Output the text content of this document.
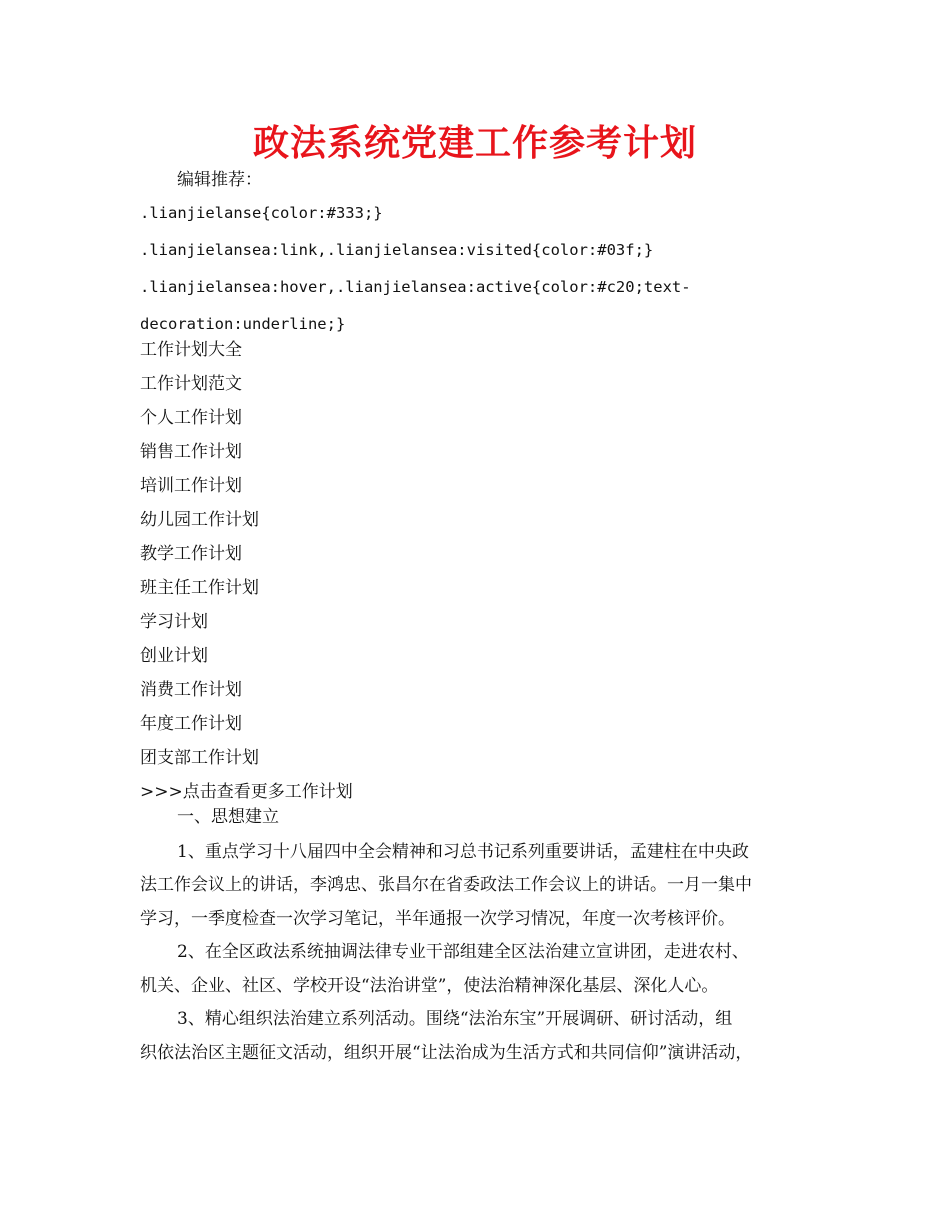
政法系统党建工作参考计划
编辑推荐：
.lianjielanse{color:#333;}
.lianjielansea:link,.lianjielansea:visited{color:#03f;}
.lianjielansea:hover,.lianjielansea:active{color:#c20;text-
decoration:underline;}
工作计划大全
工作计划范文
个人工作计划
销售工作计划
培训工作计划
幼儿园工作计划
教学工作计划
班主任工作计划
学习计划
创业计划
消费工作计划
年度工作计划
团支部工作计划
>>>点击查看更多工作计划
一、思想建立
1、重点学习十八届四中全会精神和习总书记系列重要讲话，孟建柱在中央政
法工作会议上的讲话，李鸿忠、张昌尔在省委政法工作会议上的讲话。一月一集中
学习，一季度检查一次学习笔记，半年通报一次学习情况，年度一次考核评价。
2、在全区政法系统抽调法律专业干部组建全区法治建立宣讲团，走进农村、
机关、企业、社区、学校开设“法治讲堂”，使法治精神深化基层、深化人心。
3、精心组织法治建立系列活动。围绕“法治东宝”开展调研、研讨活动，组
织依法治区主题征文活动，组织开展“让法治成为生活方式和共同信仰”演讲活动，
